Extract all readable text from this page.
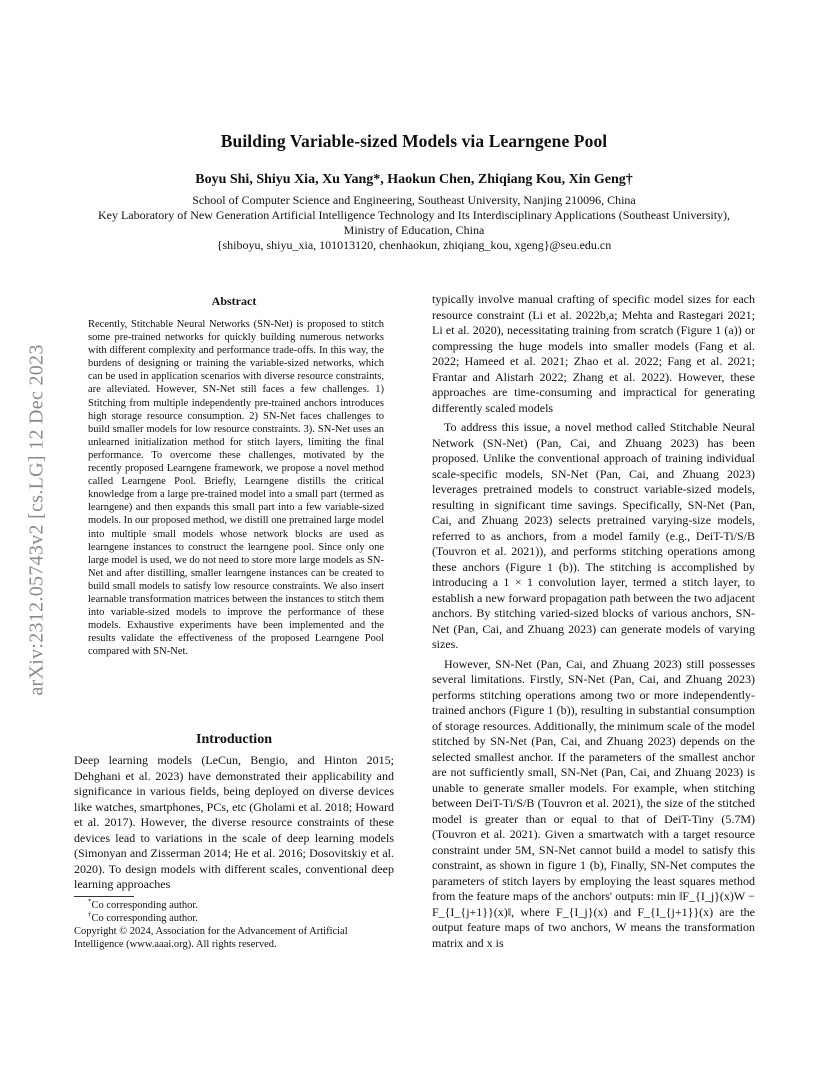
Building Variable-sized Models via Learngene Pool
Boyu Shi, Shiyu Xia, Xu Yang*, Haokun Chen, Zhiqiang Kou, Xin Geng†
School of Computer Science and Engineering, Southeast University, Nanjing 210096, China
Key Laboratory of New Generation Artificial Intelligence Technology and Its Interdisciplinary Applications (Southeast University), Ministry of Education, China
{shiboyu, shiyu_xia, 101013120, chenhaokun, zhiqiang_kou, xgeng}@seu.edu.cn
arXiv:2312.05743v2 [cs.LG] 12 Dec 2023
Abstract
Recently, Stitchable Neural Networks (SN-Net) is proposed to stitch some pre-trained networks for quickly building numerous networks with different complexity and performance trade-offs. In this way, the burdens of designing or training the variable-sized networks, which can be used in application scenarios with diverse resource constraints, are alleviated. However, SN-Net still faces a few challenges. 1) Stitching from multiple independently pre-trained anchors introduces high storage resource consumption. 2) SN-Net faces challenges to build smaller models for low resource constraints. 3). SN-Net uses an unlearned initialization method for stitch layers, limiting the final performance. To overcome these challenges, motivated by the recently proposed Learngene framework, we propose a novel method called Learngene Pool. Briefly, Learngene distills the critical knowledge from a large pre-trained model into a small part (termed as learngene) and then expands this small part into a few variable-sized models. In our proposed method, we distill one pretrained large model into multiple small models whose network blocks are used as learngene instances to construct the learngene pool. Since only one large model is used, we do not need to store more large models as SN-Net and after distilling, smaller learngene instances can be created to build small models to satisfy low resource constraints. We also insert learnable transformation matrices between the instances to stitch them into variable-sized models to improve the performance of these models. Exhaustive experiments have been implemented and the results validate the effectiveness of the proposed Learngene Pool compared with SN-Net.
Introduction

Deep learning models (LeCun, Bengio, and Hinton 2015; Dehghani et al. 2023) have demonstrated their applicability and significance in various fields, being deployed on diverse devices like watches, smartphones, PCs, etc (Gholami et al. 2018; Howard et al. 2017). However, the diverse resource constraints of these devices lead to variations in the scale of deep learning models (Simonyan and Zisserman 2014; He et al. 2016; Dosovitskiy et al. 2020). To design models with different scales, conventional deep learning approaches

*Co corresponding author.
†Co corresponding author.
Copyright © 2024, Association for the Advancement of Artificial Intelligence (www.aaai.org). All rights reserved.

typically involve manual crafting of specific model sizes for each resource constraint (Li et al. 2022b,a; Mehta and Rastegari 2021; Li et al. 2020), necessitating training from scratch (Figure 1 (a)) or compressing the huge models into smaller models (Fang et al. 2022; Hameed et al. 2021; Zhao et al. 2022; Fang et al. 2021; Frantar and Alistarh 2022; Zhang et al. 2022). However, these approaches are time-consuming and impractical for generating differently scaled models

To address this issue, a novel method called Stitchable Neural Network (SN-Net) (Pan, Cai, and Zhuang 2023) has been proposed. Unlike the conventional approach of training individual scale-specific models, SN-Net (Pan, Cai, and Zhuang 2023) leverages pretrained models to construct variable-sized models, resulting in significant time savings. Specifically, SN-Net (Pan, Cai, and Zhuang 2023) selects pretrained varying-size models, referred to as anchors, from a model family (e.g., DeiT-Ti/S/B (Touvron et al. 2021)), and performs stitching operations among these anchors (Figure 1 (b)). The stitching is accomplished by introducing a 1 × 1 convolution layer, termed a stitch layer, to establish a new forward propagation path between the two adjacent anchors. By stitching varied-sized blocks of various anchors, SN-Net (Pan, Cai, and Zhuang 2023) can generate models of varying sizes.

However, SN-Net (Pan, Cai, and Zhuang 2023) still possesses several limitations. Firstly, SN-Net (Pan, Cai, and Zhuang 2023) performs stitching operations among two or more independently-trained anchors (Figure 1 (b)), resulting in substantial consumption of storage resources. Additionally, the minimum scale of the model stitched by SN-Net (Pan, Cai, and Zhuang 2023) depends on the selected smallest anchor. If the parameters of the smallest anchor are not sufficiently small, SN-Net (Pan, Cai, and Zhuang 2023) is unable to generate smaller models. For example, when stitching between DeiT-Ti/S/B (Touvron et al. 2021), the size of the stitched model is greater than or equal to that of DeiT-Tiny (5.7M) (Touvron et al. 2021). Given a smartwatch with a target resource constraint under 5M, SN-Net cannot build a model to satisfy this constraint, as shown in figure 1 (b), Finally, SN-Net computes the parameters of stitch layers by employing the least squares method from the feature maps of the anchors' outputs: min ‖F_{I_j}(x)W − F_{I_{j+1}}(x)‖, where F_{I_j}(x) and F_{I_{j+1}}(x) are the output feature maps of two anchors, W means the transformation matrix and x is
